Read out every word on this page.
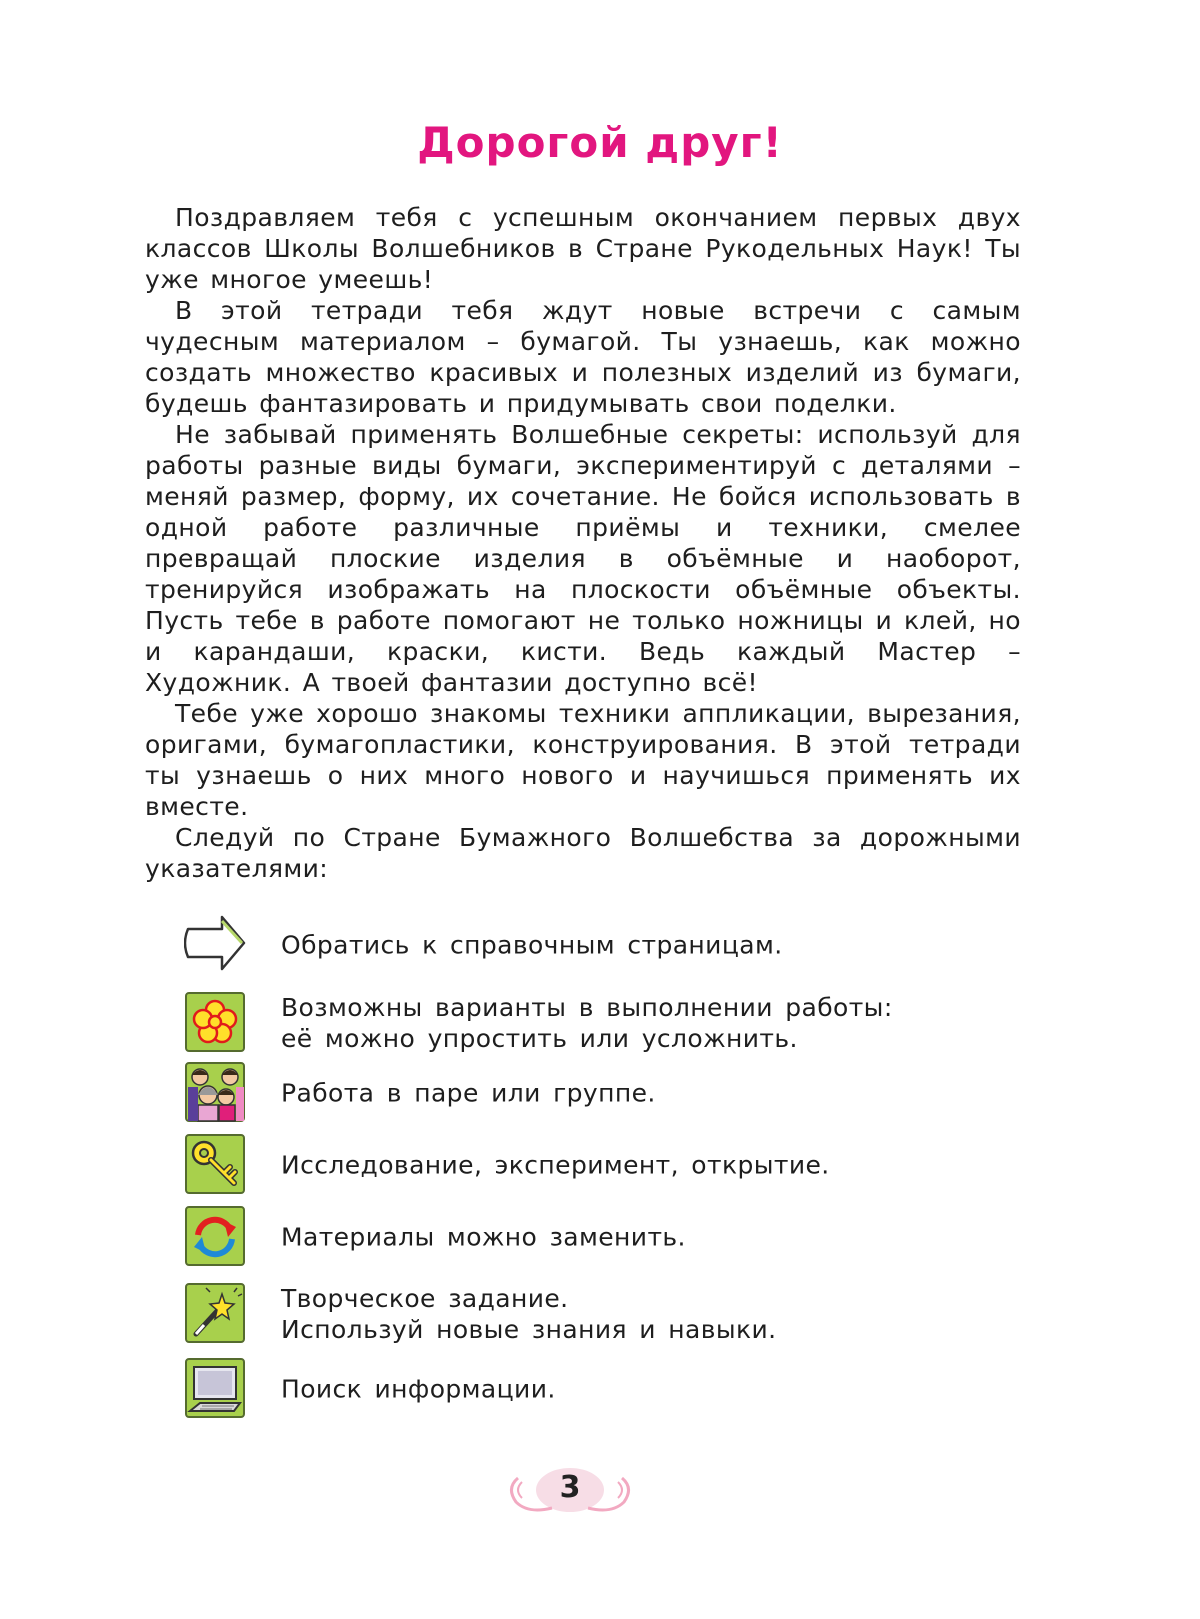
Дорогой друг!

Поздравляем тебя с успешным окончанием первых двух классов Школы Волшебников в Стране Рукодельных Наук! Ты уже многое умеешь!

В этой тетради тебя ждут новые встречи с самым чудесным материалом – бумагой. Ты узнаешь, как можно создать множество красивых и полезных изделий из бумаги, будешь фантазировать и придумывать свои поделки.

Не забывай применять Волшебные секреты: используй для работы разные виды бумаги, экспериментируй с деталями – меняй размер, форму, их сочетание. Не бойся использовать в одной работе различные приёмы и техники, смелее превращай плоские изделия в объёмные и наоборот, тренируйся изображать на плоскости объёмные объекты. Пусть тебе в работе помогают не только ножницы и клей, но и карандаши, краски, кисти. Ведь каждый Мастер – Художник. А твоей фантазии доступно всё!

Тебе уже хорошо знакомы техники аппликации, вырезания, оригами, бумагопластики, конструирования. В этой тетради ты узнаешь о них много нового и научишься применять их вместе.

Следуй по Стране Бумажного Волшебства за дорожными указателями:

Обратись к справочным страницам.
Возможны варианты в выполнении работы:
её можно упростить или усложнить.
Работа в паре или группе.
Исследование, эксперимент, открытие.
Материалы можно заменить.
Творческое задание.
Используй новые знания и навыки.
Поиск информации.
3
